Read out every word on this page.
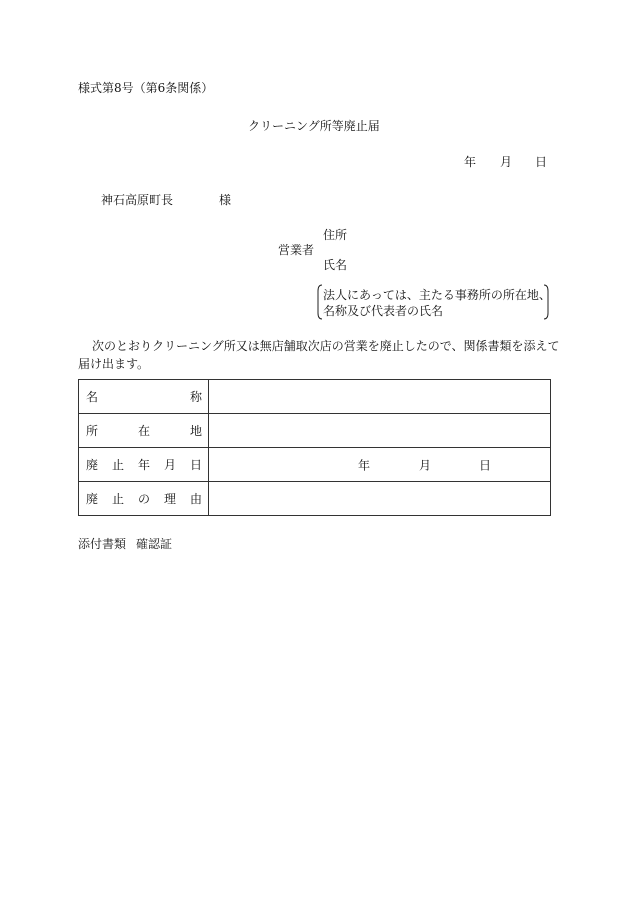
様式第8号（第6条関係）
クリーニング所等廃止届
年 月 日
神石高原町長	様
住所
営業者
氏名
法人にあっては、主たる事務所の所在地、
名称及び代表者の氏名
次のとおりクリーニング所又は無店舗取次店の営業を廃止したので、関係書類を添えて
届け出ます。
名 称	

所 在 地	

廃 止 年 月 日	年 月 日

廃 止 の 理 由	

添付書類 確認証
